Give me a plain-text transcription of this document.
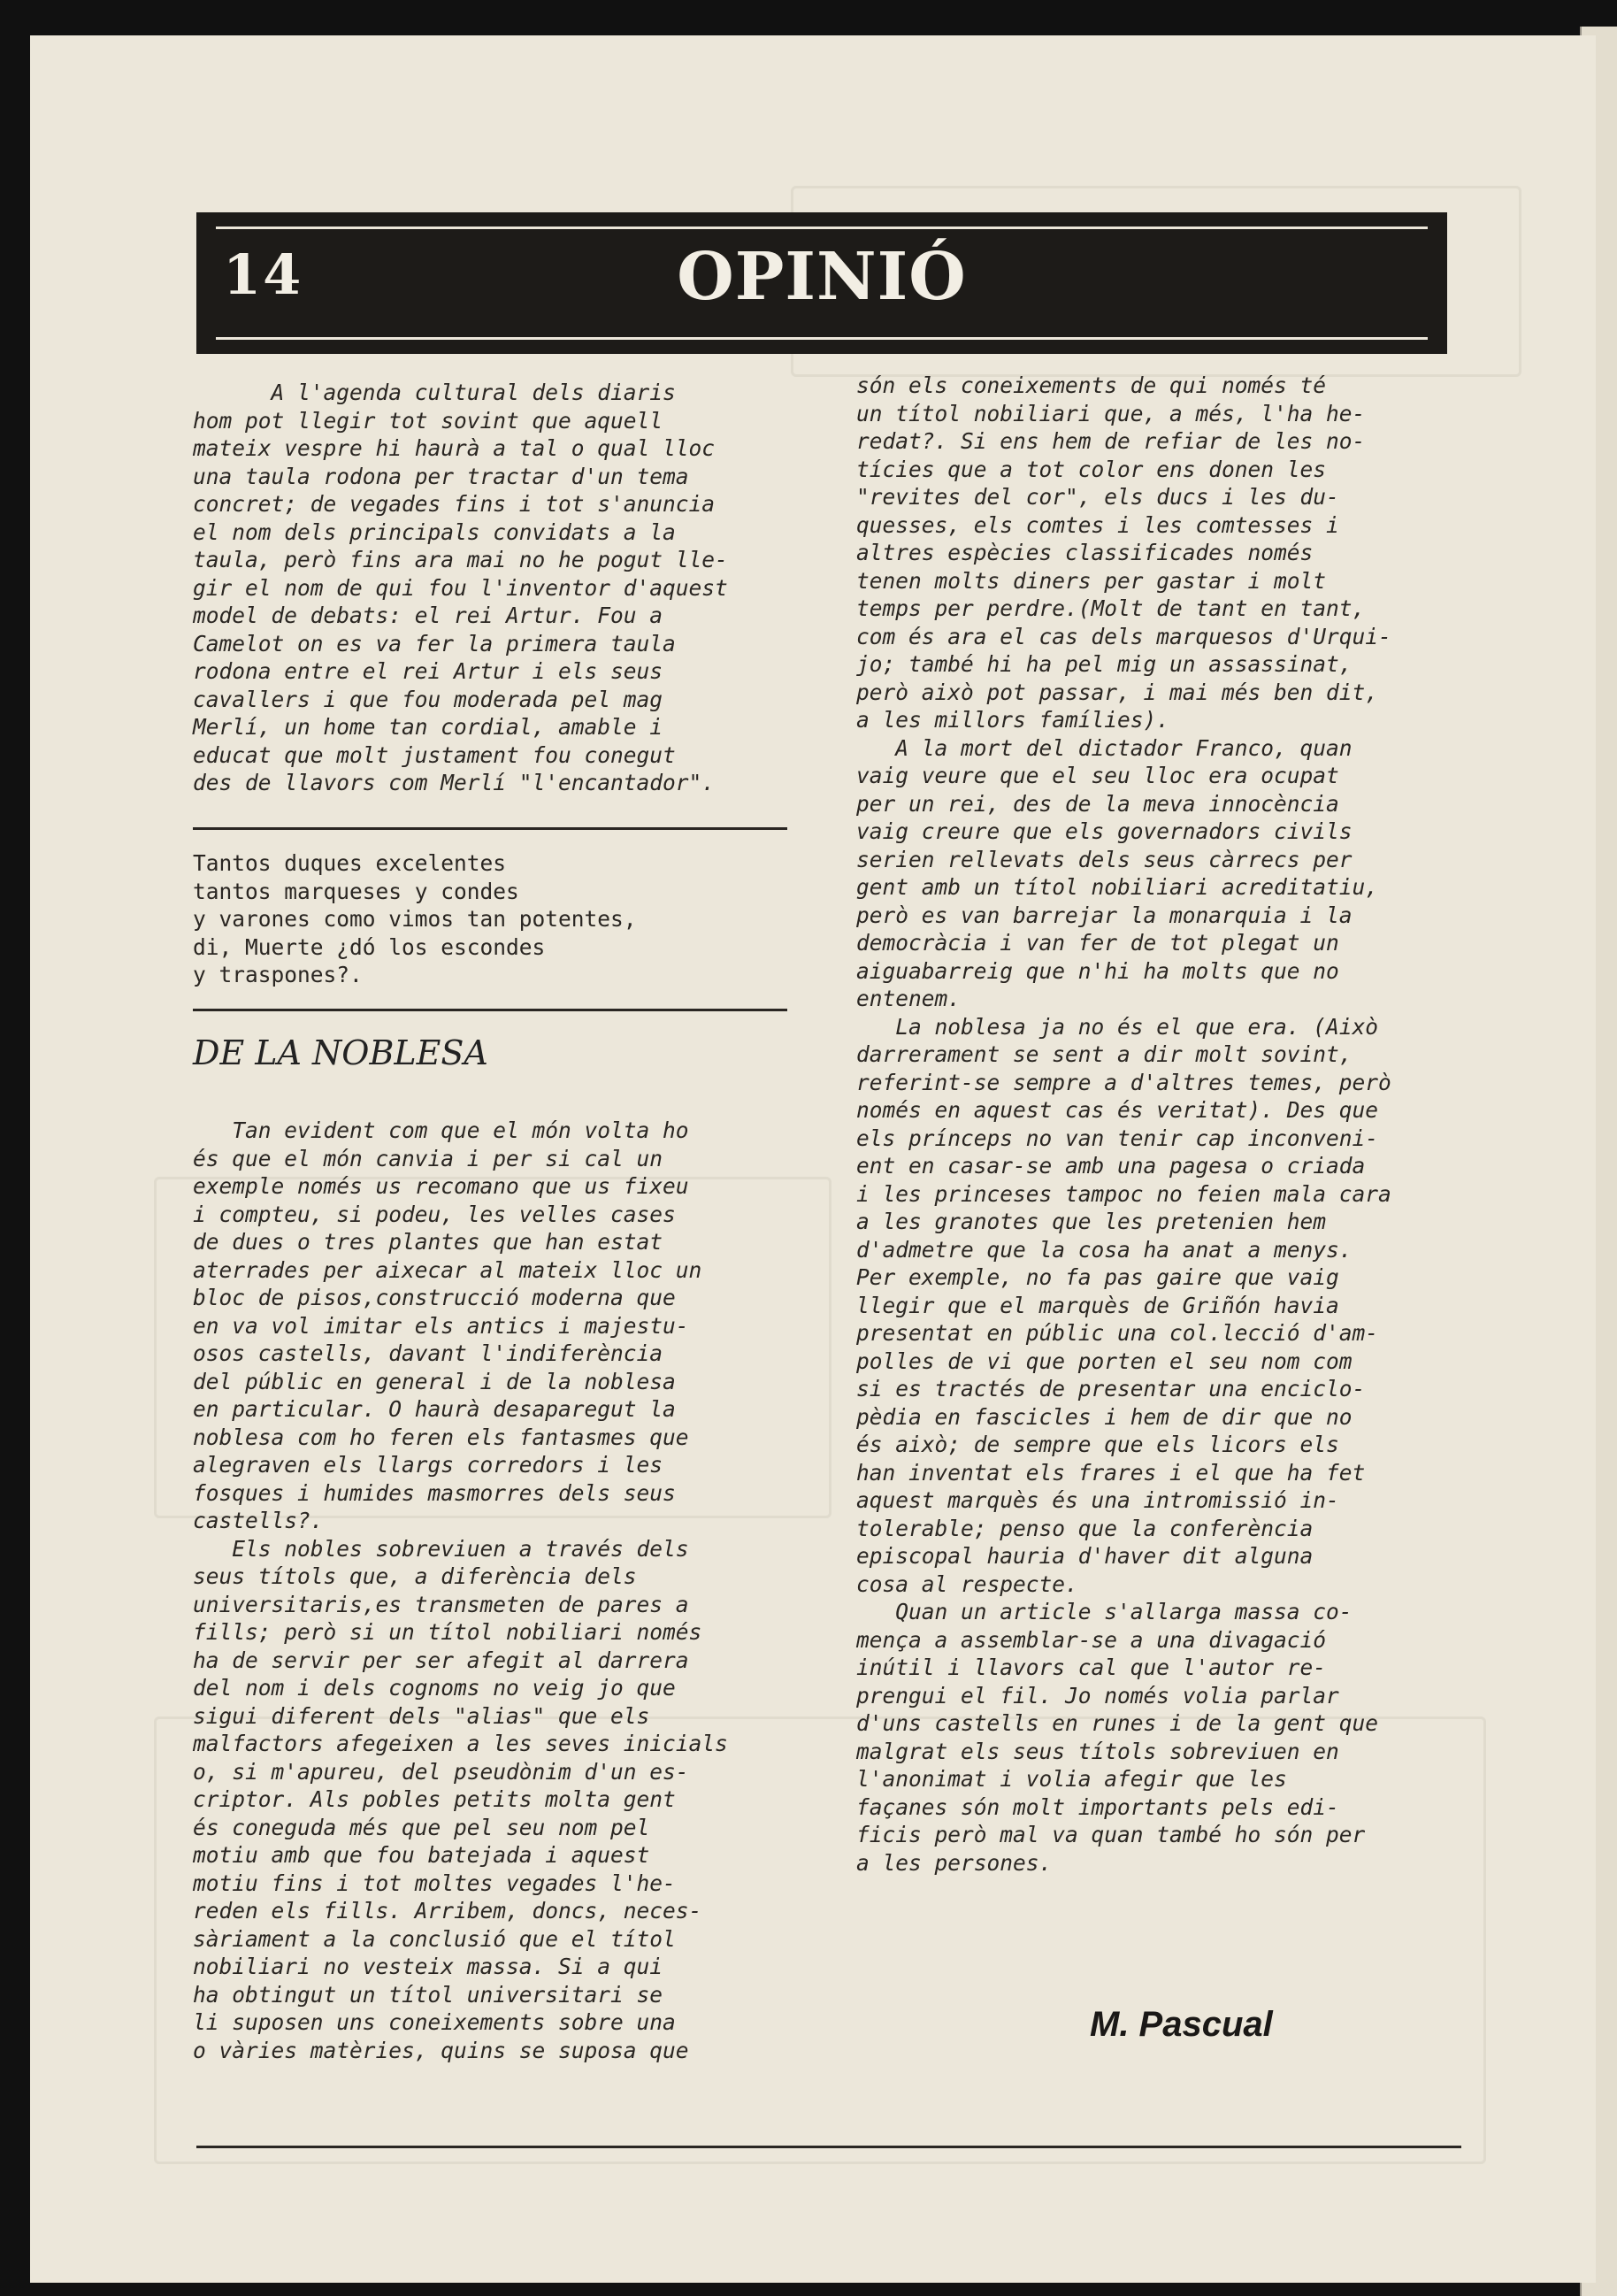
14	OPINIÓ
A l'agenda cultural dels diaris
hom pot llegir tot sovint que aquell
mateix vespre hi haurà a tal o qual lloc
una taula rodona per tractar d'un tema
concret; de vegades fins i tot s'anuncia
el nom dels principals convidats a la
taula, però fins ara mai no he pogut lle-
gir el nom de qui fou l'inventor d'aquest
model de debats: el rei Artur. Fou a
Camelot on es va fer la primera taula
rodona entre el rei Artur i els seus
cavallers i que fou moderada pel mag
Merlí, un home tan cordial, amable i
educat que molt justament fou conegut
des de llavors com Merlí "l'encantador".
Tantos duques excelentes
tantos marqueses y condes
y varones como vimos tan potentes,
di, Muerte ¿dó los escondes
y traspones?.
DE LA NOBLESA
Tan evident com que el món volta ho
és que el món canvia i per si cal un
exemple només us recomano que us fixeu
i compteu, si podeu, les velles cases
de dues o tres plantes que han estat
aterrades per aixecar al mateix lloc un
bloc de pisos,construcció moderna que
en va vol imitar els antics i majestu-
osos castells, davant l'indiferència
del públic en general i de la noblesa
en particular. O haurà desaparegut la
noblesa com ho feren els fantasmes que
alegraven els llargs corredors i les
fosques i humides masmorres dels seus
castells?.
Els nobles sobreviuen a través dels
seus títols que, a diferència dels
universitaris,es transmeten de pares a
fills; però si un títol nobiliari només
ha de servir per ser afegit al darrera
del nom i dels cognoms no veig jo que
sigui diferent dels "alias" que els
malfactors afegeixen a les seves inicials
o, si m'apureu, del pseudònim d'un es-
criptor. Als pobles petits molta gent
és coneguda més que pel seu nom pel
motiu amb que fou batejada i aquest
motiu fins i tot moltes vegades l'he-
reden els fills. Arribem, doncs, neces-
sàriament a la conclusió que el títol
nobiliari no vesteix massa. Si a qui
ha obtingut un títol universitari se
li suposen uns coneixements sobre una
o vàries matèries, quins se suposa que
són els coneixements de qui només té
un títol nobiliari que, a més, l'ha he-
redat?. Si ens hem de refiar de les no-
tícies que a tot color ens donen les
"revites del cor", els ducs i les du-
quesses, els comtes i les comtesses i
altres espècies classificades només
tenen molts diners per gastar i molt
temps per perdre.(Molt de tant en tant,
com és ara el cas dels marquesos d'Urqui-
jo; també hi ha pel mig un assassinat,
però això pot passar, i mai més ben dit,
a les millors famílies).
A la mort del dictador Franco, quan
vaig veure que el seu lloc era ocupat
per un rei, des de la meva innocència
vaig creure que els governadors civils
serien rellevats dels seus càrrecs per
gent amb un títol nobiliari acreditatiu,
però es van barrejar la monarquia i la
democràcia i van fer de tot plegat un
aiguabarreig que n'hi ha molts que no
entenem.
La noblesa ja no és el que era. (Això
darrerament se sent a dir molt sovint,
referint-se sempre a d'altres temes, però
només en aquest cas és veritat). Des que
els prínceps no van tenir cap inconveni-
ent en casar-se amb una pagesa o criada
i les princeses tampoc no feien mala cara
a les granotes que les pretenien hem
d'admetre que la cosa ha anat a menys.
Per exemple, no fa pas gaire que vaig
llegir que el marquès de Griñón havia
presentat en públic una col.lecció d'am-
polles de vi que porten el seu nom com
si es tractés de presentar una enciclo-
pèdia en fascicles i hem de dir que no
és això; de sempre que els licors els
han inventat els frares i el que ha fet
aquest marquès és una intromissió in-
tolerable; penso que la conferència
episcopal hauria d'haver dit alguna
cosa al respecte.
Quan un article s'allarga massa co-
mença a assemblar-se a una divagació
inútil i llavors cal que l'autor re-
prengui el fil. Jo només volia parlar
d'uns castells en runes i de la gent que
malgrat els seus títols sobreviuen en
l'anonimat i volia afegir que les
façanes són molt importants pels edi-
ficis però mal va quan també ho són per
a les persones.
M. Pascual
